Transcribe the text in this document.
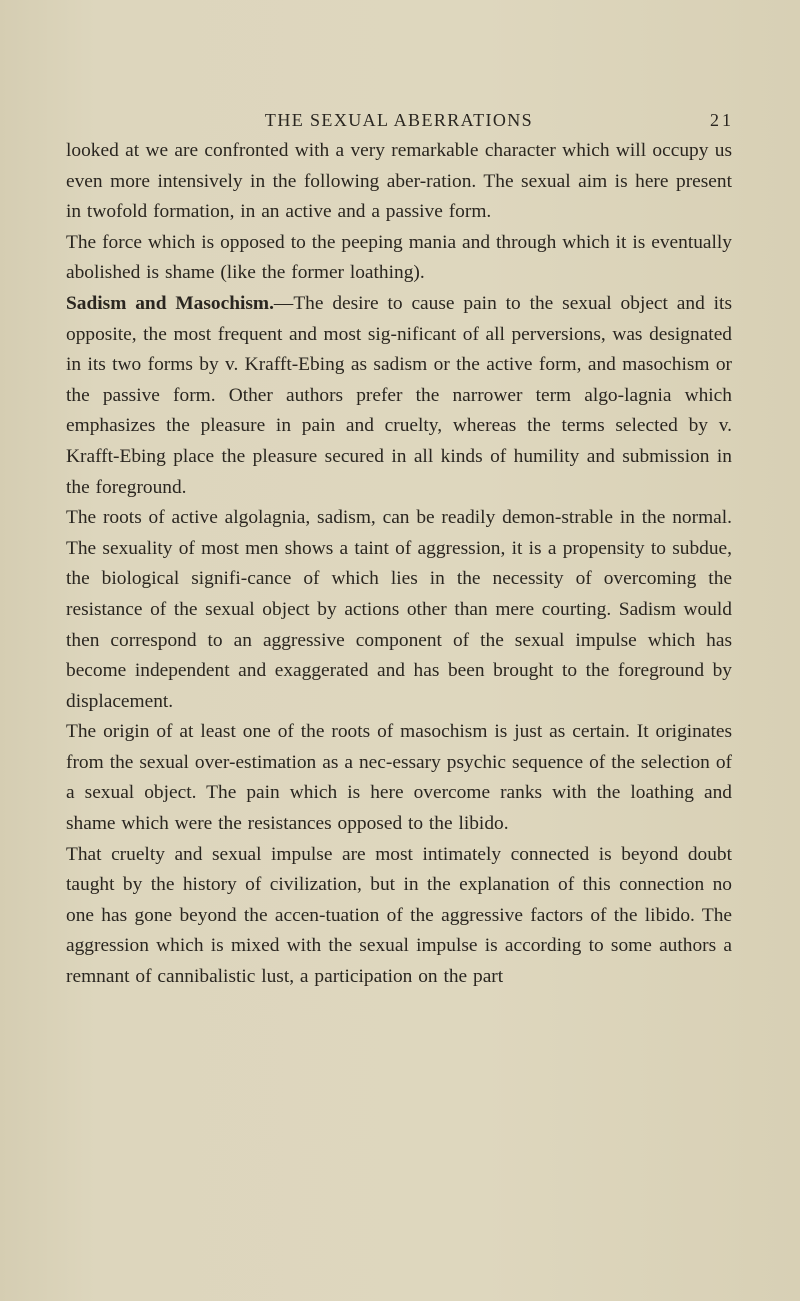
THE SEXUAL ABERRATIONS	21

looked at we are confronted with a very remarkable character which will occupy us even more intensively in the following aber-ration. The sexual aim is here present in twofold formation, in an active and a passive form.

The force which is opposed to the peeping mania and through which it is eventually abolished is shame (like the former loathing).

Sadism and Masochism.—The desire to cause pain to the sexual object and its opposite, the most frequent and most sig-nificant of all perversions, was designated in its two forms by v. Krafft-Ebing as sadism or the active form, and masochism or the passive form. Other authors prefer the narrower term algo-lagnia which emphasizes the pleasure in pain and cruelty, whereas the terms selected by v. Krafft-Ebing place the pleasure secured in all kinds of humility and submission in the foreground.

The roots of active algolagnia, sadism, can be readily demon-strable in the normal. The sexuality of most men shows a taint of aggression, it is a propensity to subdue, the biological signifi-cance of which lies in the necessity of overcoming the resistance of the sexual object by actions other than mere courting. Sadism would then correspond to an aggressive component of the sexual impulse which has become independent and exaggerated and has been brought to the foreground by displacement.

The origin of at least one of the roots of masochism is just as certain. It originates from the sexual over-estimation as a nec-essary psychic sequence of the selection of a sexual object. The pain which is here overcome ranks with the loathing and shame which were the resistances opposed to the libido.

That cruelty and sexual impulse are most intimately connected is beyond doubt taught by the history of civilization, but in the explanation of this connection no one has gone beyond the accen-tuation of the aggressive factors of the libido. The aggression which is mixed with the sexual impulse is according to some authors a remnant of cannibalistic lust, a participation on the part
